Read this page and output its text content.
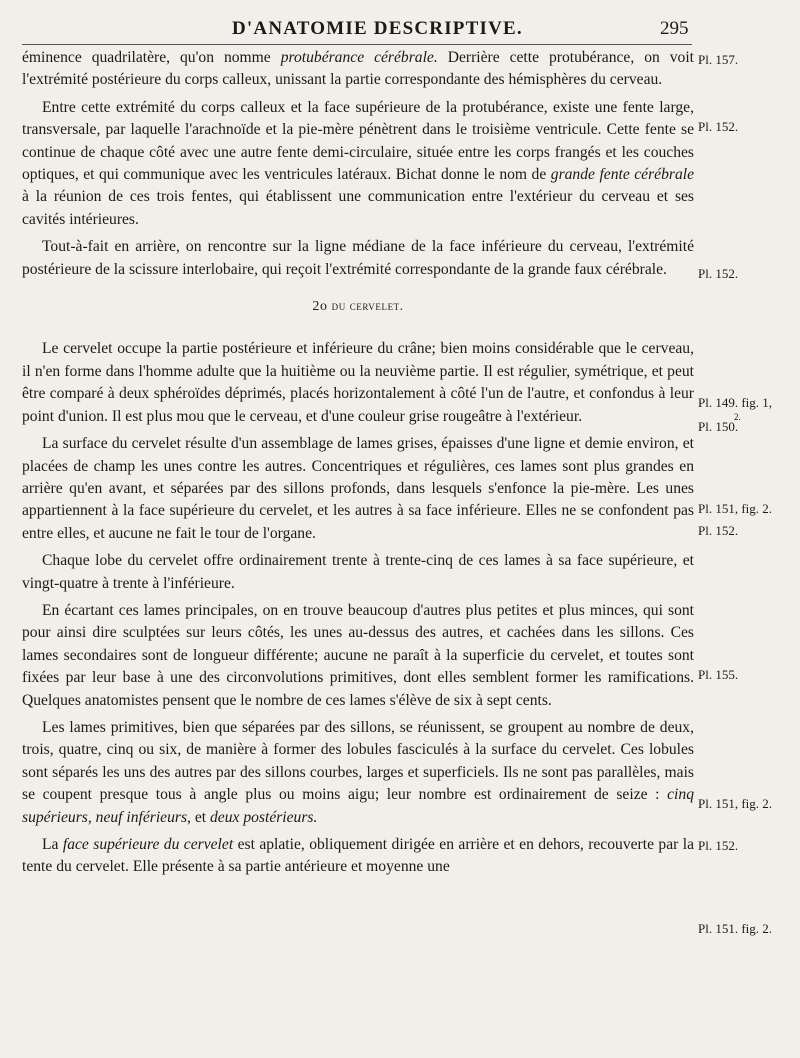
D'ANATOMIE DESCRIPTIVE.	295

éminence quadrilatère, qu'on nomme protubérance cérébrale. Derrière cette protubérance, on voit l'extrémité postérieure du corps calleux, unissant la partie correspondante des hémisphères du cerveau.

Entre cette extrémité du corps calleux et la face supérieure de la protubérance, existe une fente large, transversale, par laquelle l'arachnoïde et la pie-mère pénètrent dans le troisième ventricule. Cette fente se continue de chaque côté avec une autre fente demi-circulaire, située entre les corps frangés et les couches optiques, et qui communique avec les ventricules latéraux. Bichat donne le nom de grande fente cérébrale à la réunion de ces trois fentes, qui établissent une communication entre l'extérieur du cerveau et ses cavités intérieures.

Tout-à-fait en arrière, on rencontre sur la ligne médiane de la face inférieure du cerveau, l'extrémité postérieure de la scissure interlobaire, qui reçoit l'extrémité correspondante de la grande faux cérébrale.

2o du cervelet.

Le cervelet occupe la partie postérieure et inférieure du crâne; bien moins considérable que le cerveau, il n'en forme dans l'homme adulte que la huitième ou la neuvième partie. Il est régulier, symétrique, et peut être comparé à deux sphéroïdes déprimés, placés horizontalement à côté l'un de l'autre, et confondus à leur point d'union. Il est plus mou que le cerveau, et d'une couleur grise rougeâtre à l'extérieur.

La surface du cervelet résulte d'un assemblage de lames grises, épaisses d'une ligne et demie environ, et placées de champ les unes contre les autres. Concentriques et régulières, ces lames sont plus grandes en arrière qu'en avant, et séparées par des sillons profonds, dans lesquels s'enfonce la pie-mère. Les unes appartiennent à la face supérieure du cervelet, et les autres à sa face inférieure. Elles ne se confondent pas entre elles, et aucune ne fait le tour de l'organe.

Chaque lobe du cervelet offre ordinairement trente à trente-cinq de ces lames à sa face supérieure, et vingt-quatre à trente à l'inférieure.

En écartant ces lames principales, on en trouve beaucoup d'autres plus petites et plus minces, qui sont pour ainsi dire sculptées sur leurs côtés, les unes au-dessus des autres, et cachées dans les sillons. Ces lames secondaires sont de longueur différente; aucune ne paraît à la superficie du cervelet, et toutes sont fixées par leur base à une des circonvolutions primitives, dont elles semblent former les ramifications. Quelques anatomistes pensent que le nombre de ces lames s'élève de six à sept cents.

Les lames primitives, bien que séparées par des sillons, se réunissent, se groupent au nombre de deux, trois, quatre, cinq ou six, de manière à former des lobules fasciculés à la surface du cervelet. Ces lobules sont séparés les uns des autres par des sillons courbes, larges et superficiels. Ils ne sont pas parallèles, mais se coupent presque tous à angle plus ou moins aigu; leur nombre est ordinairement de seize : cinq supérieurs, neuf inférieurs, et deux postérieurs.

La face supérieure du cervelet est aplatie, obliquement dirigée en arrière et en dehors, recouverte par la tente du cervelet. Elle présente à sa partie antérieure et moyenne une

Pl. 157.
Pl. 152.
Pl. 152.
Pl. 149. fig. 1,
$^{2.}$
Pl. 150.
Pl. 151, fig. 2.
Pl. 152.
Pl. 155.
Pl. 151, fig. 2.
Pl. 152.
Pl. 151. fig. 2.
